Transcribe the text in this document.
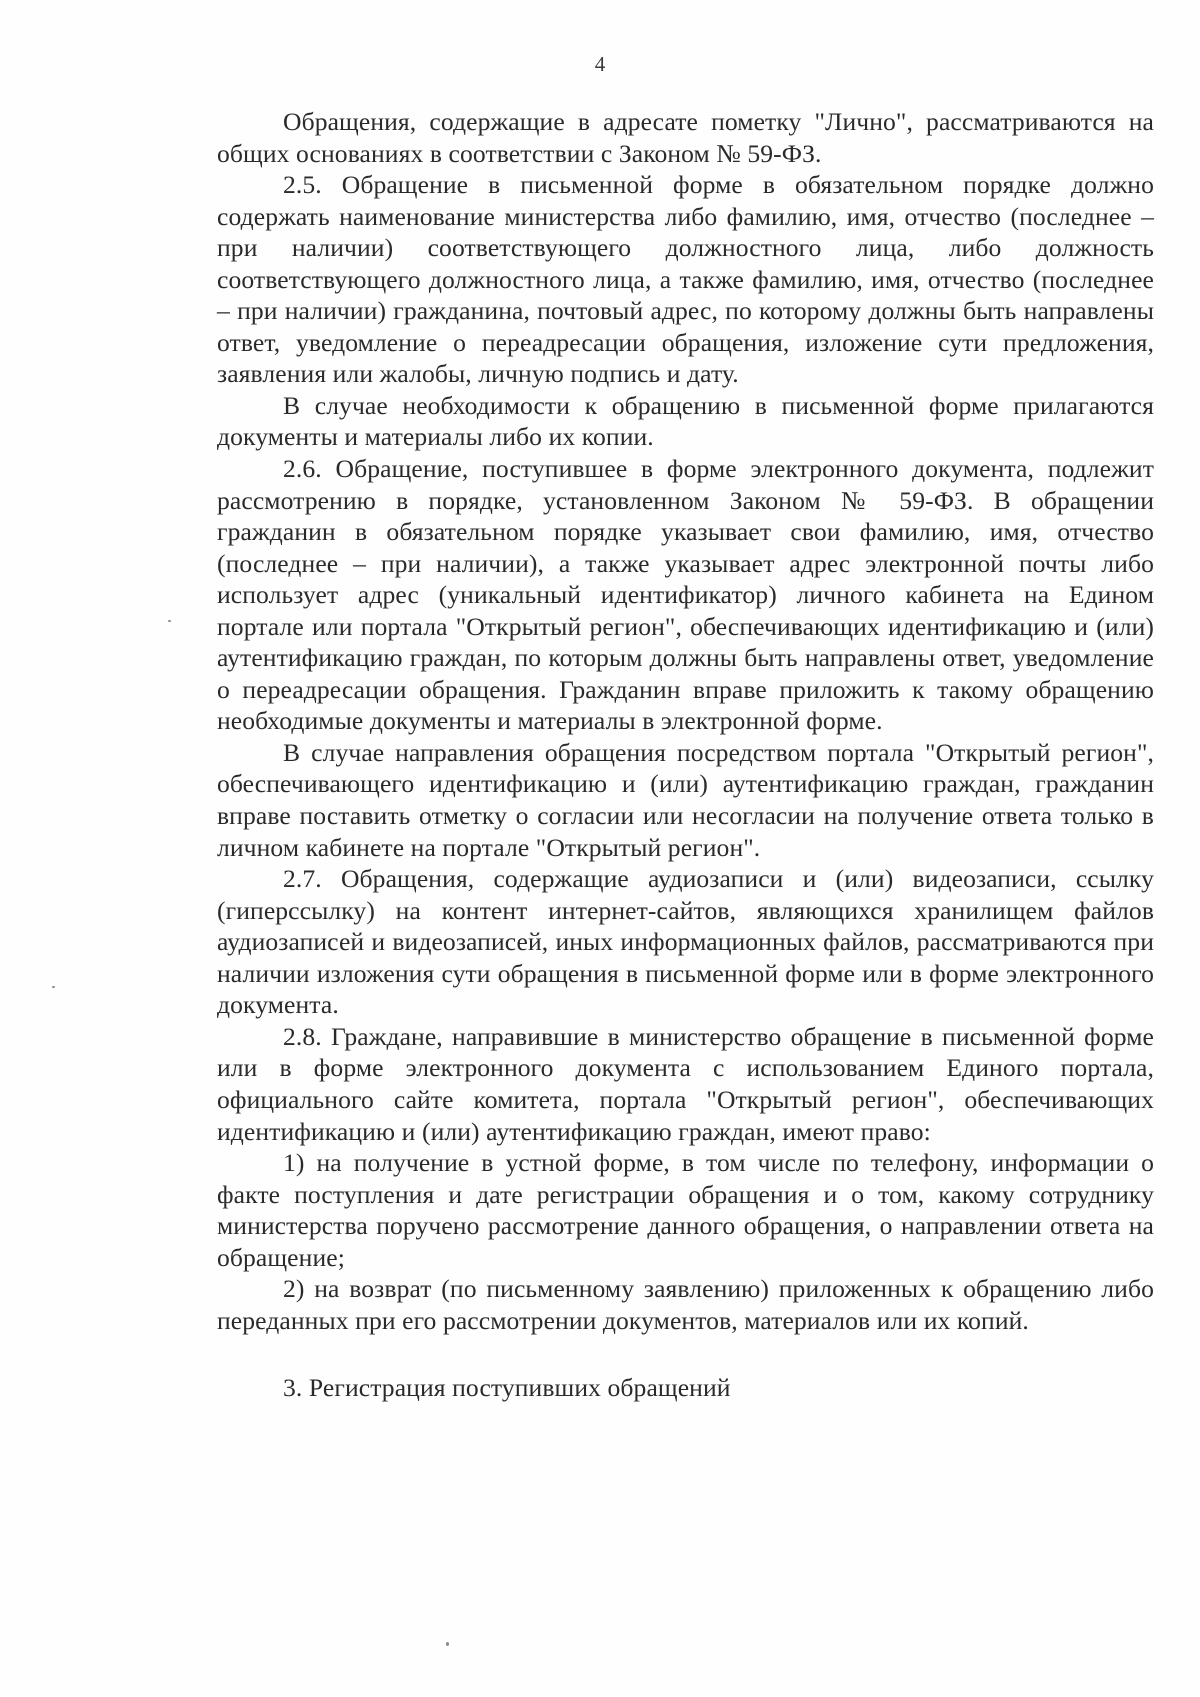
4

Обращения, содержащие в адресате пометку "Лично", рассматриваются на общих основаниях в соответствии с Законом № 59-ФЗ.

2.5. Обращение в письменной форме в обязательном порядке должно содержать наименование министерства либо фамилию, имя, отчество (последнее – при наличии) соответствующего должностного лица, либо должность соответствующего должностного лица, а также фамилию, имя, отчество (последнее – при наличии) гражданина, почтовый адрес, по которому должны быть направлены ответ, уведомление о переадресации обращения, изложение сути предложения, заявления или жалобы, личную подпись и дату.

В случае необходимости к обращению в письменной форме прилагаются документы и материалы либо их копии.

2.6. Обращение, поступившее в форме электронного документа, подлежит рассмотрению в порядке, установленном Законом № 59-ФЗ. В обращении гражданин в обязательном порядке указывает свои фамилию, имя, отчество (последнее – при наличии), а также указывает адрес электронной почты либо использует адрес (уникальный идентификатор) личного кабинета на Едином портале или портала "Открытый регион", обеспечивающих идентификацию и (или) аутентификацию граждан, по которым должны быть направлены ответ, уведомление о переадресации обращения. Гражданин вправе приложить к такому обращению необходимые документы и материалы в электронной форме.

В случае направления обращения посредством портала "Открытый регион", обеспечивающего идентификацию и (или) аутентификацию граждан, гражданин вправе поставить отметку о согласии или несогласии на получение ответа только в личном кабинете на портале "Открытый регион".

2.7. Обращения, содержащие аудиозаписи и (или) видеозаписи, ссылку (гиперссылку) на контент интернет-сайтов, являющихся хранилищем файлов аудиозаписей и видеозаписей, иных информационных файлов, рассматриваются при наличии изложения сути обращения в письменной форме или в форме электронного документа.

2.8. Граждане, направившие в министерство обращение в письменной форме или в форме электронного документа с использованием Единого портала, официального сайте комитета, портала "Открытый регион", обеспечивающих идентификацию и (или) аутентификацию граждан, имеют право:

1) на получение в устной форме, в том числе по телефону, информации о факте поступления и дате регистрации обращения и о том, какому сотруднику министерства поручено рассмотрение данного обращения, о направлении ответа на обращение;

2) на возврат (по письменному заявлению) приложенных к обращению либо переданных при его рассмотрении документов, материалов или их копий.

3. Регистрация поступивших обращений
